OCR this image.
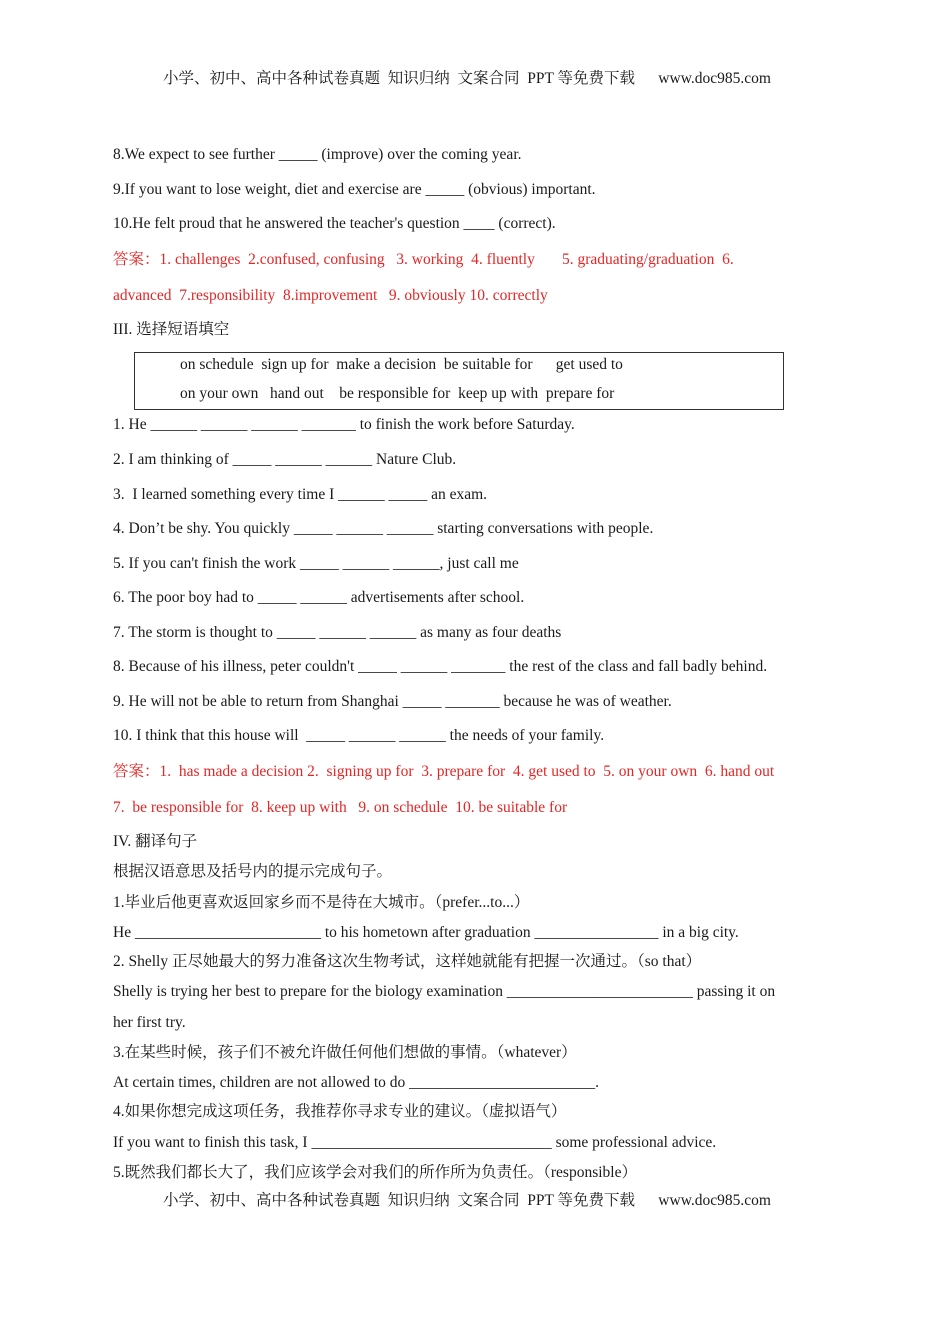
小学、初中、高中各种试卷真题  知识归纳  文案合同  PPT 等免费下载      www.doc985.com
8.We expect to see further _____ (improve) over the coming year.
9.If you want to lose weight, diet and exercise are _____ (obvious) important.
10.He felt proud that he answered the teacher's question ____ (correct).
答案：1. challenges  2.confused, confusing   3. working  4. fluently       5. graduating/graduation  6.
advanced  7.responsibility  8.improvement   9. obviously 10. correctly
III. 选择短语填空
on schedule  sign up for  make a decision  be suitable for      get used to
on your own   hand out    be responsible for  keep up with  prepare for
1. He ______ ______ ______ _______ to finish the work before Saturday.
2. I am thinking of _____ ______ ______ Nature Club.
3.  I learned something every time I ______ _____ an exam.
4. Don’t be shy. You quickly _____ ______ ______ starting conversations with people.
5. If you can't finish the work _____ ______ ______, just call me
6. The poor boy had to _____ ______ advertisements after school.
7. The storm is thought to _____ ______ ______ as many as four deaths
8. Because of his illness, peter couldn't _____ ______ _______ the rest of the class and fall badly behind.
9. He will not be able to return from Shanghai _____ _______ because he was of weather.
10. I think that this house will  _____ ______ ______ the needs of your family.
答案：1.  has made a decision 2.  signing up for  3. prepare for  4. get used to  5. on your own  6. hand out
7.  be responsible for  8. keep up with   9. on schedule  10. be suitable for
IV. 翻译句子
根据汉语意思及括号内的提示完成句子。
1.毕业后他更喜欢返回家乡而不是待在大城市。（prefer...to...）
He ________________________ to his hometown after graduation ________________ in a big city.
2. Shelly 正尽她最大的努力准备这次生物考试，这样她就能有把握一次通过。（so that）
Shelly is trying her best to prepare for the biology examination ________________________ passing it on
her first try.
3.在某些时候，孩子们不被允许做任何他们想做的事情。（whatever）
At certain times, children are not allowed to do ________________________.
4.如果你想完成这项任务，我推荐你寻求专业的建议。（虚拟语气）
If you want to finish this task, I _______________________________ some professional advice.
5.既然我们都长大了，我们应该学会对我们的所作所为负责任。（responsible）
小学、初中、高中各种试卷真题  知识归纳  文案合同  PPT 等免费下载      www.doc985.com
